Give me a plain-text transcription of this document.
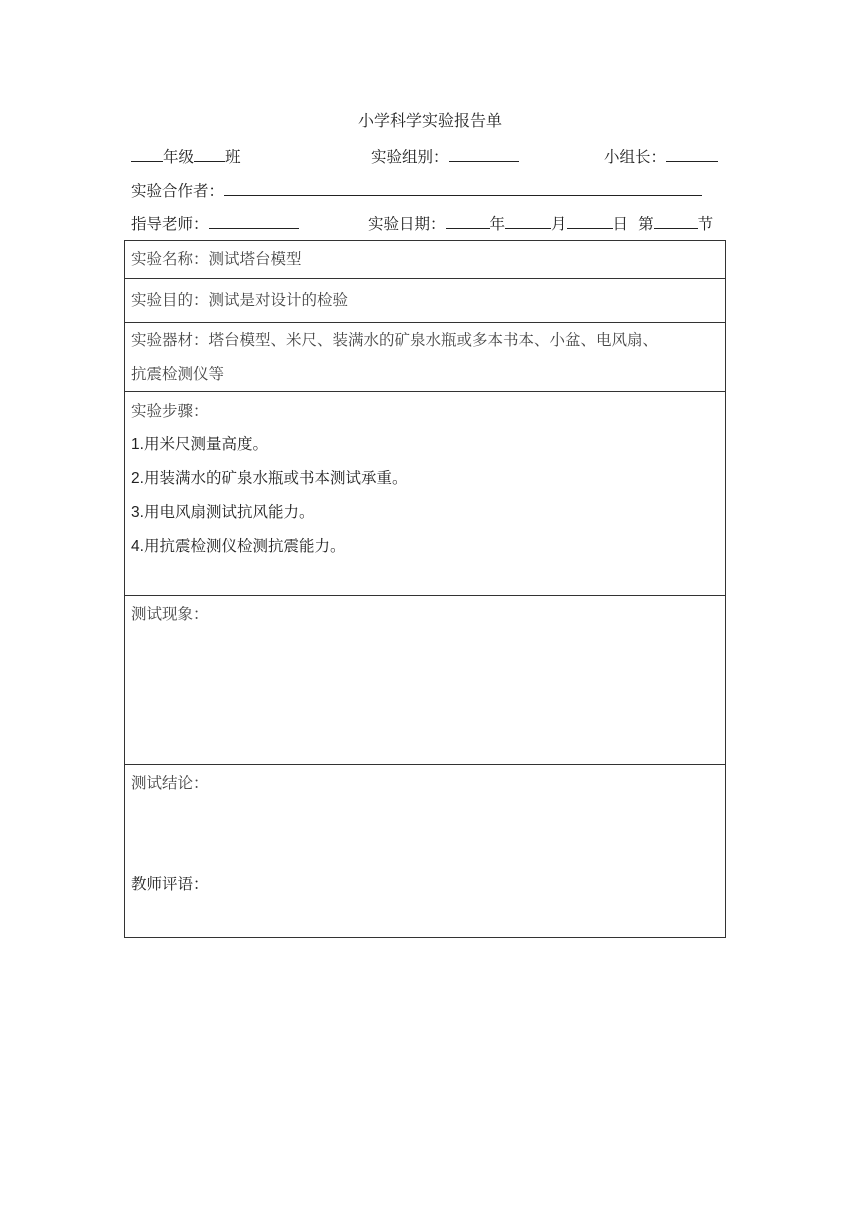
小学科学实验报告单
年级 班	实验组别：	小组长：
实验合作者：
指导老师：	实验日期：	年	月	日 第	节
实验名称：测试塔台模型
实验目的：测试是对设计的检验
实验器材：塔台模型、米尺、装满水的矿泉水瓶或多本书本、小盆、电风扇、
抗震检测仪等
实验步骤：
1.用米尺测量高度。
2.用装满水的矿泉水瓶或书本测试承重。
3.用电风扇测试抗风能力。
4.用抗震检测仪检测抗震能力。
测试现象：
测试结论：
教师评语：
